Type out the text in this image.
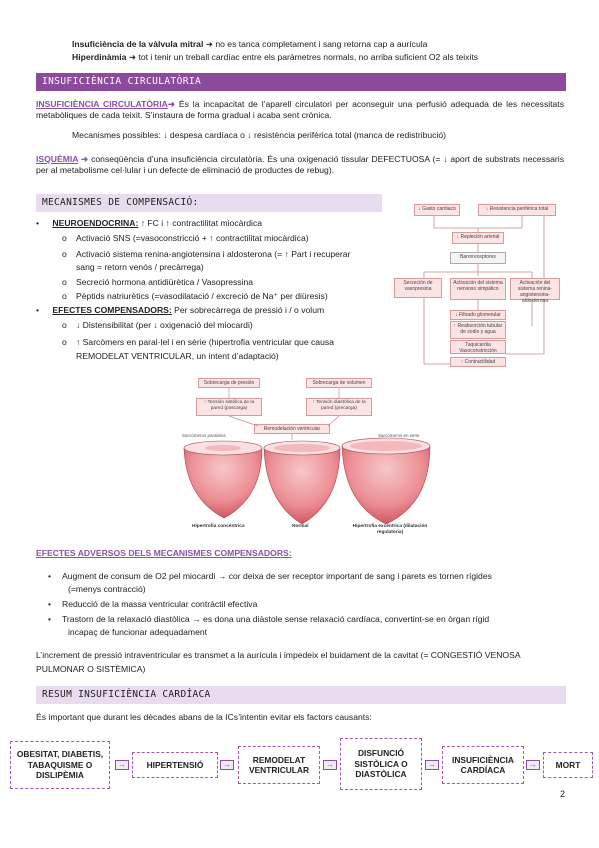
Insuficiència de la vàlvula mitral ➜ no es tanca completament i sang retorna cap a aurícula
Hiperdinàmia ➜ tot i tenir un treball cardíac entre els paràmetres normals, no arriba suficient O2 als teixits
INSUFICIÈNCIA CIRCULATÒRIA
INSUFICIÈNCIA CIRCULATÒRIA➜ És la incapacitat de l’aparell circulatori per aconseguir una perfusió adequada de les necessitats metabòliques de cada teixit. S’instaura de forma gradual i acaba sent crònica.
Mecanismes possibles: ↓ despesa cardíaca o ↓ resistència perifèrica total (manca de redistribució)
ISQUÈMIA ➜ conseqüència d’una insuficiència circulatòria. És una oxigenació tissular DEFECTUOSA (= ↓ aport de substrats necessaris per al metabolisme cel·lular i un defecte de eliminació de productes de rebug).
MECANISMES DE COMPENSACIÓ:
• NEUROENDOCRINA: ↑ FC i ↑ contractilitat miocàrdica
o Activació SNS (=vasoconstricció + ↑ contractilitat miocàrdica)
o Activació sistema renina-angiotensina i aldosterona (= ↑ Part i recuperar
sang = retorn venós / precàrrega)
o Secreció hormona antidiürètica / Vasopressina
o Pèptids natriurètics (=vasodilatació / excreció de Na⁺ per diüresis)
• EFECTES COMPENSADORS: Per sobrecàrrega de pressió i / o volum
o ↓ Distensibilitat (per ↓ oxigenació del miocardi)
o ↑ Sarcòmers en paral·lel i en sèrie (hipertrofia ventricular que causa
REMODELAT VENTRICULAR, un intent d’adaptació)
↓ Gasto cardiaco	↓ Resistencia periférica total
↓ Repleción arterial
Barorreceptores
Secreción de vasopresina
Activación del sistema nervioso simpático
Activación del sistema renina-angiotensina-aldosterona
↓ Filtrado glomerular
↑ Reabsorción tubular de sodio y agua
Taquicardia Vasoconstricción
↑ Contractilidad
Sobrecarga de presión	Sobrecarga de volumen
↑ Tensión sistólica de la pared (poscarga)
↑ Tensión diastólica de la pared (precarga)
Remodelación ventricular
Sarcómeros paralelos	Sarcómeros en serie
Hipertrofia concéntrica	Normal	Hipertrofia excéntrica (dilatación regulatoria)
EFECTES ADVERSOS DELS MECANISMES COMPENSADORS:
• Augment de consum de O2 pel miocardi → cor deixa de ser receptor important de sang i parets es tornen rígides
(=menys contracció)
• Reducció de la massa ventricular contràctil efectiva
• Trastorn de la relaxació diastòlica → es dona una diàstole sense relaxació cardíaca, convertint-se en òrgan rígid
incapaç de funcionar adequadament
L’increment de pressió intraventricular es transmet a la aurícula i impedeix el buidament de la cavitat (= CONGESTIÓ VENOSA
PULMONAR O SISTÈMICA)
RESUM INSUFICIÈNCIA CARDÍACA
És important que durant les dècades abans de la ICs’intentin evitar els factors causants:
OBESITAT, DIABETIS, TABAQUISME O DISLIPÈMIA
→	HIPERTENSIÓ	→	REMODELAT VENTRICULAR
→
DISFUNCIÓ SISTÒLICA O DIASTÒLICA
→	INSUFICIÈNCIA CARDÍACA
→	MORT
2
